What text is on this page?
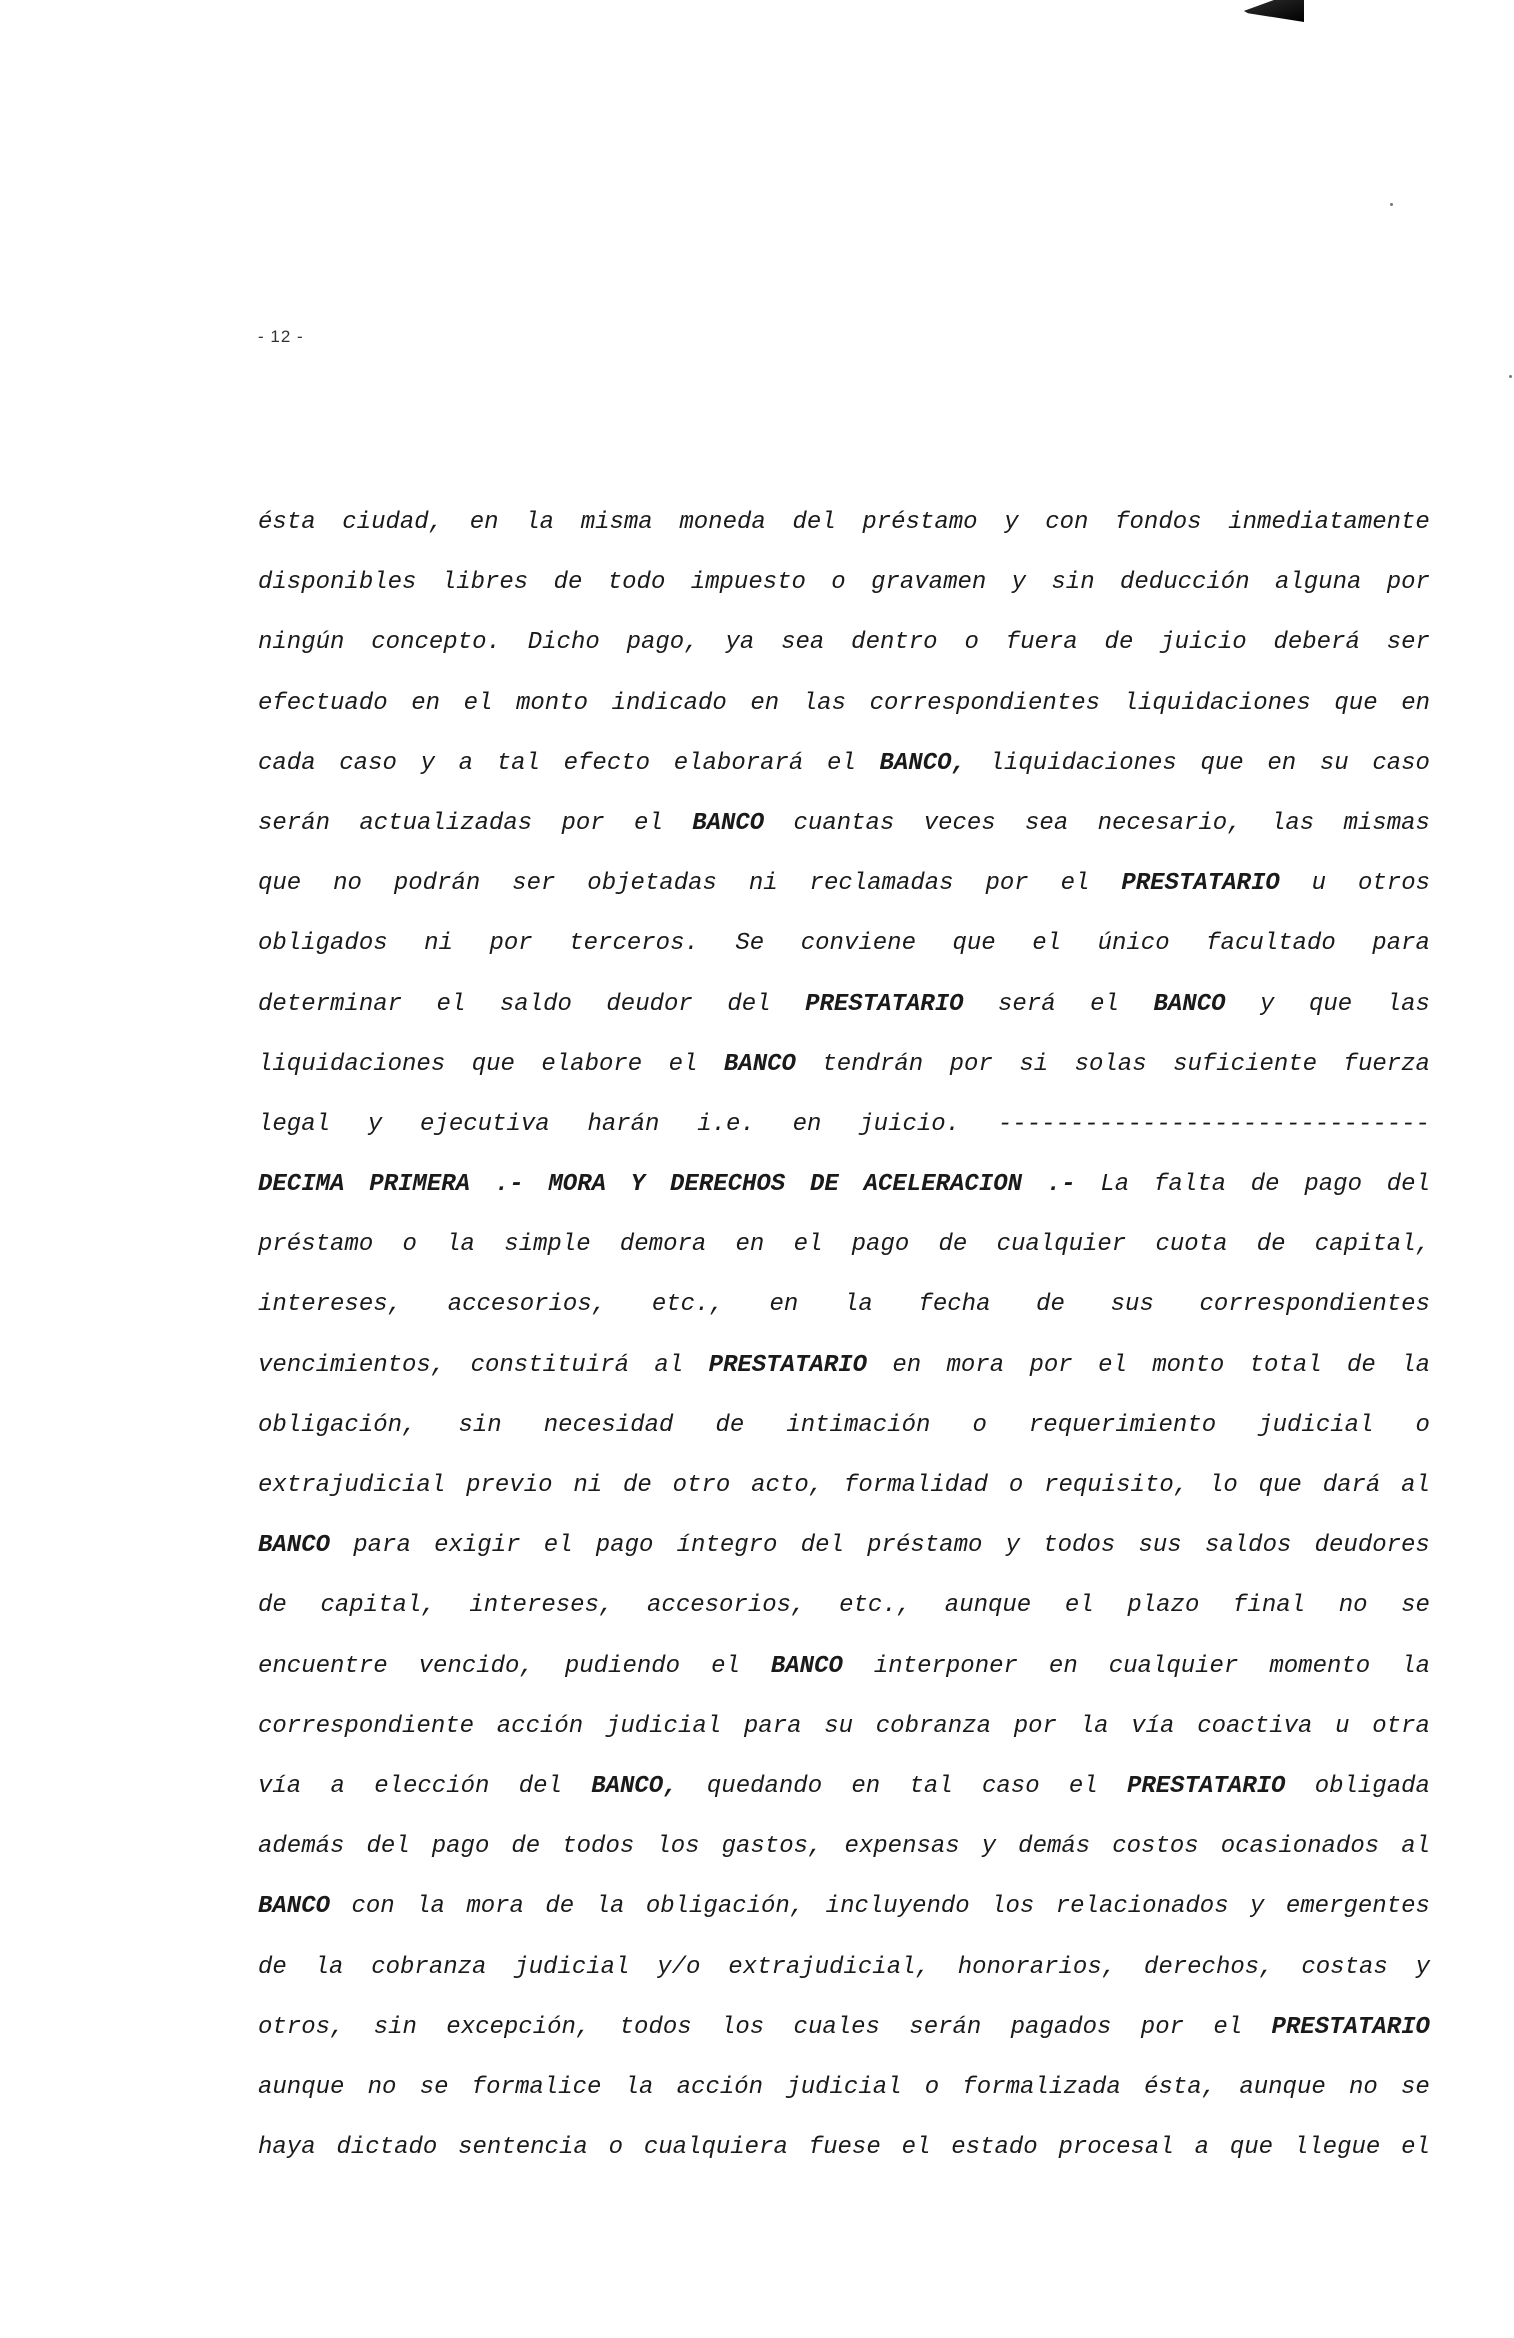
- 12 -
ésta ciudad, en la misma moneda del préstamo y con fondos inmediatamente
disponibles libres de todo impuesto o gravamen y sin deducción alguna por
ningún concepto. Dicho pago, ya sea dentro o fuera de juicio deberá ser
efectuado en el monto indicado en las correspondientes liquidaciones que en
cada caso y a tal efecto elaborará el BANCO, liquidaciones que en su caso
serán actualizadas por el BANCO cuantas veces sea necesario, las mismas
que no podrán ser objetadas ni reclamadas por el PRESTATARIO u otros
obligados ni por terceros. Se conviene que el único facultado para
determinar el saldo deudor del PRESTATARIO será el BANCO y que las
liquidaciones que elabore el BANCO tendrán por si solas suficiente fuerza
legal y ejecutiva harán i.e. en juicio. ------------------------------
DECIMA PRIMERA .- MORA Y DERECHOS DE ACELERACION .- La falta de pago del
préstamo o la simple demora en el pago de cualquier cuota de capital,
intereses, accesorios, etc., en la fecha de sus correspondientes
vencimientos, constituirá al PRESTATARIO en mora por el monto total de la
obligación, sin necesidad de intimación o requerimiento judicial o
extrajudicial previo ni de otro acto, formalidad o requisito, lo que dará al
BANCO para exigir el pago íntegro del préstamo y todos sus saldos deudores
de capital, intereses, accesorios, etc., aunque el plazo final no se
encuentre vencido, pudiendo el BANCO interponer en cualquier momento la
correspondiente acción judicial para su cobranza por la vía coactiva u otra
vía a elección del BANCO, quedando en tal caso el PRESTATARIO obligada
además del pago de todos los gastos, expensas y demás costos ocasionados al
BANCO con la mora de la obligación, incluyendo los relacionados y emergentes
de la cobranza judicial y/o extrajudicial, honorarios, derechos, costas y
otros, sin excepción, todos los cuales serán pagados por el PRESTATARIO
aunque no se formalice la acción judicial o formalizada ésta, aunque no se
haya dictado sentencia o cualquiera fuese el estado procesal a que llegue el
